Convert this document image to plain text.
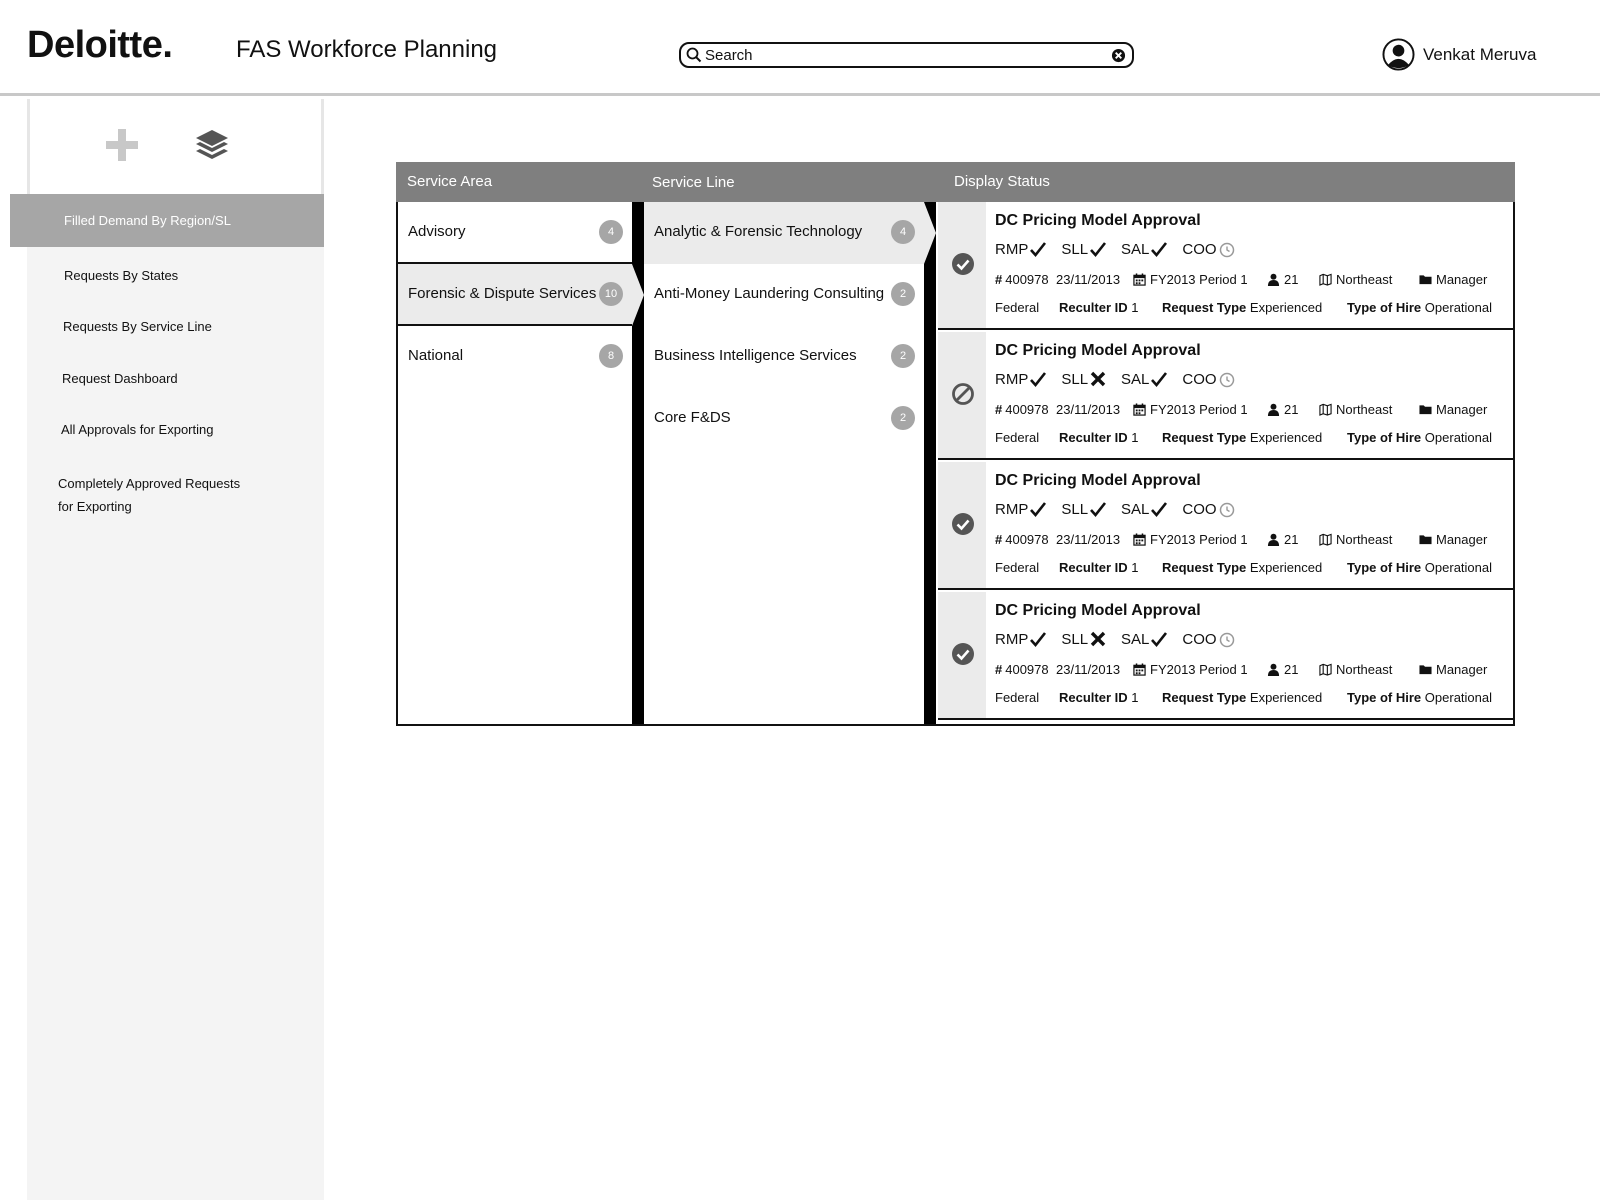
Deloitte.	FAS Workforce Planning
Search	Venkat Meruva
Filled Demand By Region/SL
Requests By States
Requests By Service Line
Request Dashboard
All Approvals for Exporting
Completely Approved Requests
for Exporting
Service Area	Service Line	Display Status
Advisory	4
Forensic & Dispute Services 10
National	8
Analytic & Forensic Technology	4
Anti-Money Laundering Consulting	2
Business Intelligence Services	2
Core F&DS	2
DC Pricing Model Approval
RMP SLL SAL COO
# 400978 23/11/2013	FY2013 Period 1	21	Northeast	Manager
Federal Reculter ID 1 Request Type Experienced Type of Hire Operational
DC Pricing Model Approval
RMP SLL SAL COO
# 400978 23/11/2013	FY2013 Period 1	21	Northeast	Manager
Federal Reculter ID 1 Request Type Experienced Type of Hire Operational
DC Pricing Model Approval
RMP SLL SAL COO
# 400978 23/11/2013	FY2013 Period 1	21	Northeast	Manager
Federal Reculter ID 1 Request Type Experienced Type of Hire Operational
DC Pricing Model Approval
RMP SLL SAL COO
# 400978 23/11/2013	FY2013 Period 1	21	Northeast	Manager
Federal Reculter ID 1 Request Type Experienced Type of Hire Operational
